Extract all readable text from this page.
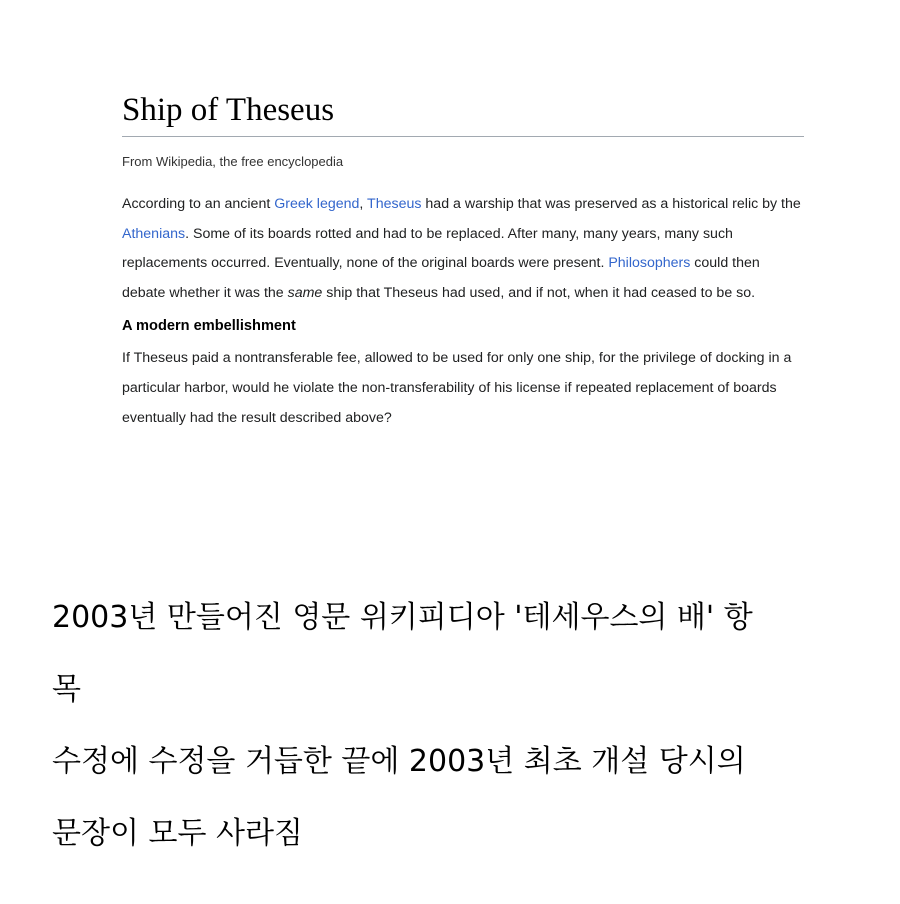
Ship of Theseus
From Wikipedia, the free encyclopedia

According to an ancient Greek legend, Theseus had a warship that was preserved as a historical relic by the Athenians. Some of its boards rotted and had to be replaced. After many, many years, many such replacements occurred. Eventually, none of the original boards were present. Philosophers could then debate whether it was the same ship that Theseus had used, and if not, when it had ceased to be so.

A modern embellishment

If Theseus paid a nontransferable fee, allowed to be used for only one ship, for the privilege of docking in a particular harbor, would he violate the non-transferability of his license if repeated replacement of boards eventually had the result described above?

2003년 만들어진 영문 위키피디아 '테세우스의 배' 항
목
수정에 수정을 거듭한 끝에 2003년 최초 개설 당시의
문장이 모두 사라짐
